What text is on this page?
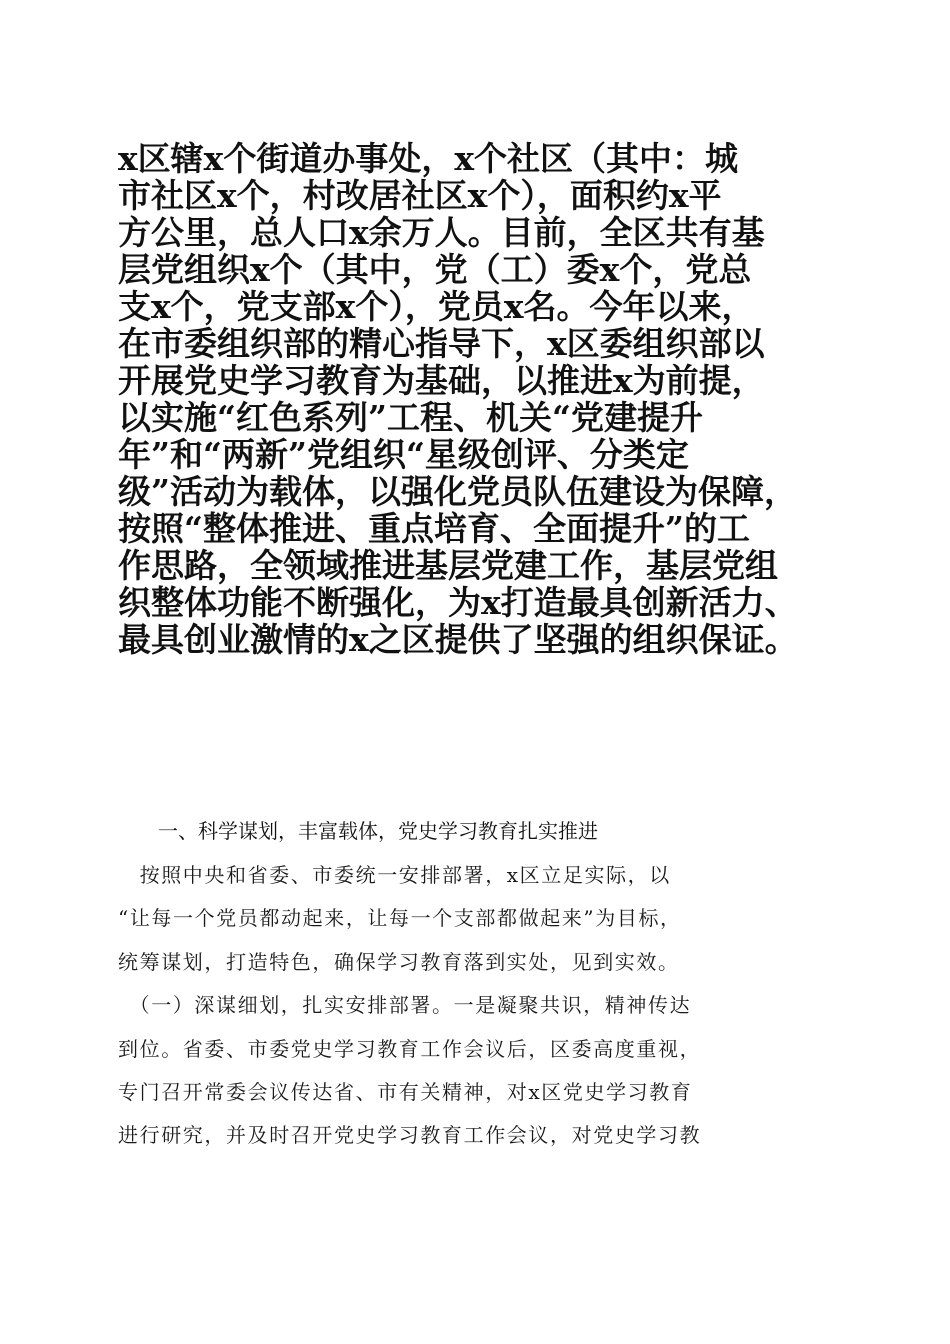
x区辖x个街道办事处，x个社区（其中：城
市社区x个，村改居社区x个），面积约x平
方公里，总人口x余万人。目前，全区共有基
层党组织x个（其中，党（工）委x个，党总
支x个，党支部x个），党员x名。今年以来，
在市委组织部的精心指导下，x区委组织部以
开展党史学习教育为基础，以推进x为前提，
以实施“红色系列”工程、机关“党建提升
年”和“两新”党组织“星级创评、分类定
级”活动为载体，以强化党员队伍建设为保障，
按照“整体推进、重点培育、全面提升”的工
作思路，全领域推进基层党建工作，基层党组
织整体功能不断强化，为x打造最具创新活力、
最具创业激情的x之区提供了坚强的组织保证。
一、科学谋划，丰富载体，党史学习教育扎实推进
　按照中央和省委、市委统一安排部署，x区立足实际，以
“让每一个党员都动起来，让每一个支部都做起来”为目标，
统筹谋划，打造特色，确保学习教育落到实处，见到实效。
　（一）深谋细划，扎实安排部署。一是凝聚共识，精神传达
到位。省委、市委党史学习教育工作会议后，区委高度重视，
专门召开常委会议传达省、市有关精神，对x区党史学习教育
进行研究，并及时召开党史学习教育工作会议，对党史学习教
